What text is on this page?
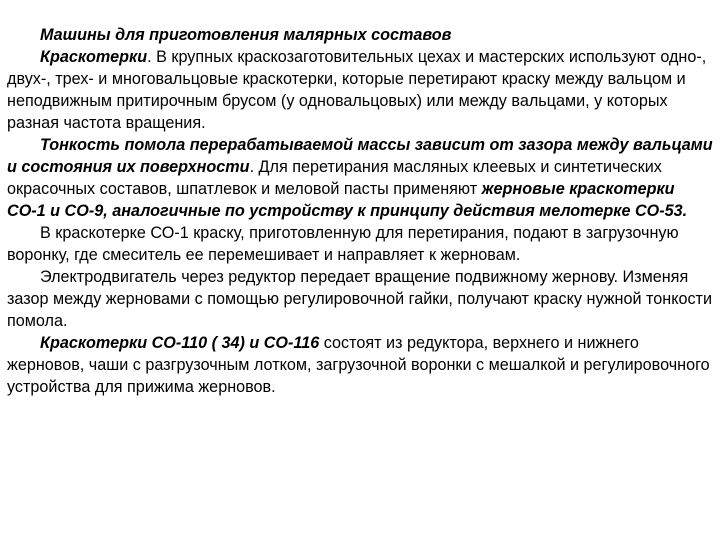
Машины для приготовления малярных составов

Краскотерки. В крупных краскозаготовительных цехах и мастерских используют одно-, двух-, трех- и многовальцовые краскотерки, которые перетирают краску между вальцом и неподвижным притирочным брусом (у одновальцовых) или между вальцами, у которых разная частота вращения.

Тонкость помола перерабатываемой массы зависит от зазора между вальцами и состояния их поверхности. Для перетирания масляных клеевых и синтетических окрасочных составов, шпатлевок и меловой пасты применяют жерновые краскотерки СО-1 и СО-9, аналогичные по устройству к принципу действия мелотерке СО-53.

В краскотерке СО-1 краску, приготовленную для перетирания, подают в загрузочную воронку, где смеситель ее перемешивает и направляет к жерновам.

Электродвигатель через редуктор передает вращение подвижному жернову. Изменяя зазор между жерновами с помощью регулировочной гайки, получают краску нужной тонкости помола.

Краскотерки СО-110 ( 34) и СО-116 состоят из редуктора, верхнего и нижнего жерновов, чаши с разгрузочным лотком, загрузочной воронки с мешалкой и регулировочного устройства для прижима жерновов.
